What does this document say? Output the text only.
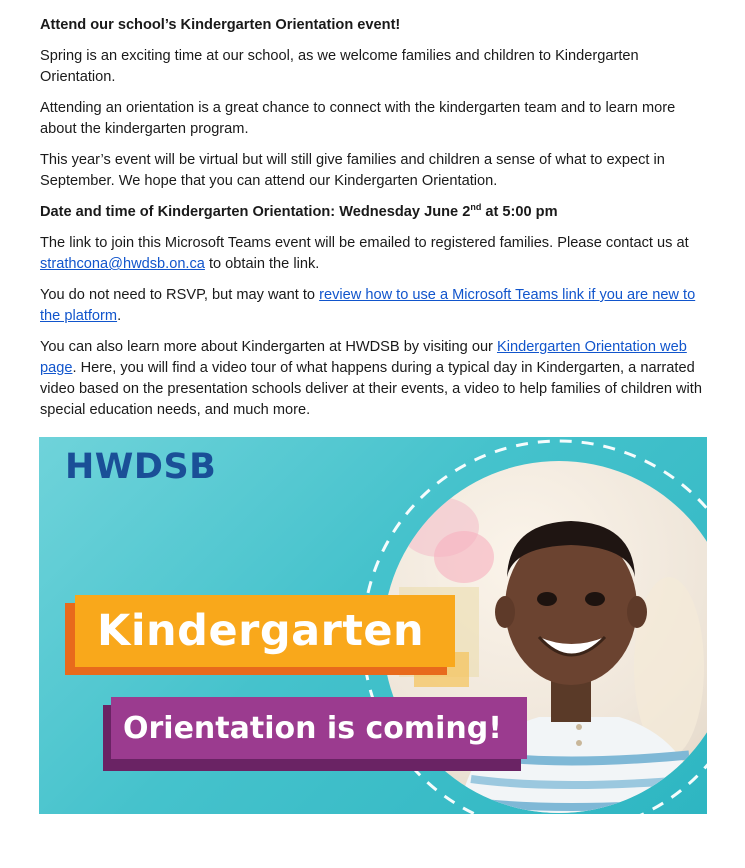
Attend our school’s Kindergarten Orientation event!

Spring is an exciting time at our school, as we welcome families and children to Kindergarten Orientation.

Attending an orientation is a great chance to connect with the kindergarten team and to learn more about the kindergarten program.

This year’s event will be virtual but will still give families and children a sense of what to expect in September. We hope that you can attend our Kindergarten Orientation.

Date and time of Kindergarten Orientation: Wednesday June 2nd at 5:00 pm

The link to join this Microsoft Teams event will be emailed to registered families. Please contact us at strathcona@hwdsb.on.ca to obtain the link.

You do not need to RSVP, but may want to review how to use a Microsoft Teams link if you are new to the platform.

You can also learn more about Kindergarten at HWDSB by visiting our Kindergarten Orientation web page. Here, you will find a video tour of what happens during a typical day in Kindergarten, a narrated video based on the presentation schools deliver at their events, a video to help families of children with special education needs, and much more.

HWDSB
Kindergarten
Orientation is coming!
